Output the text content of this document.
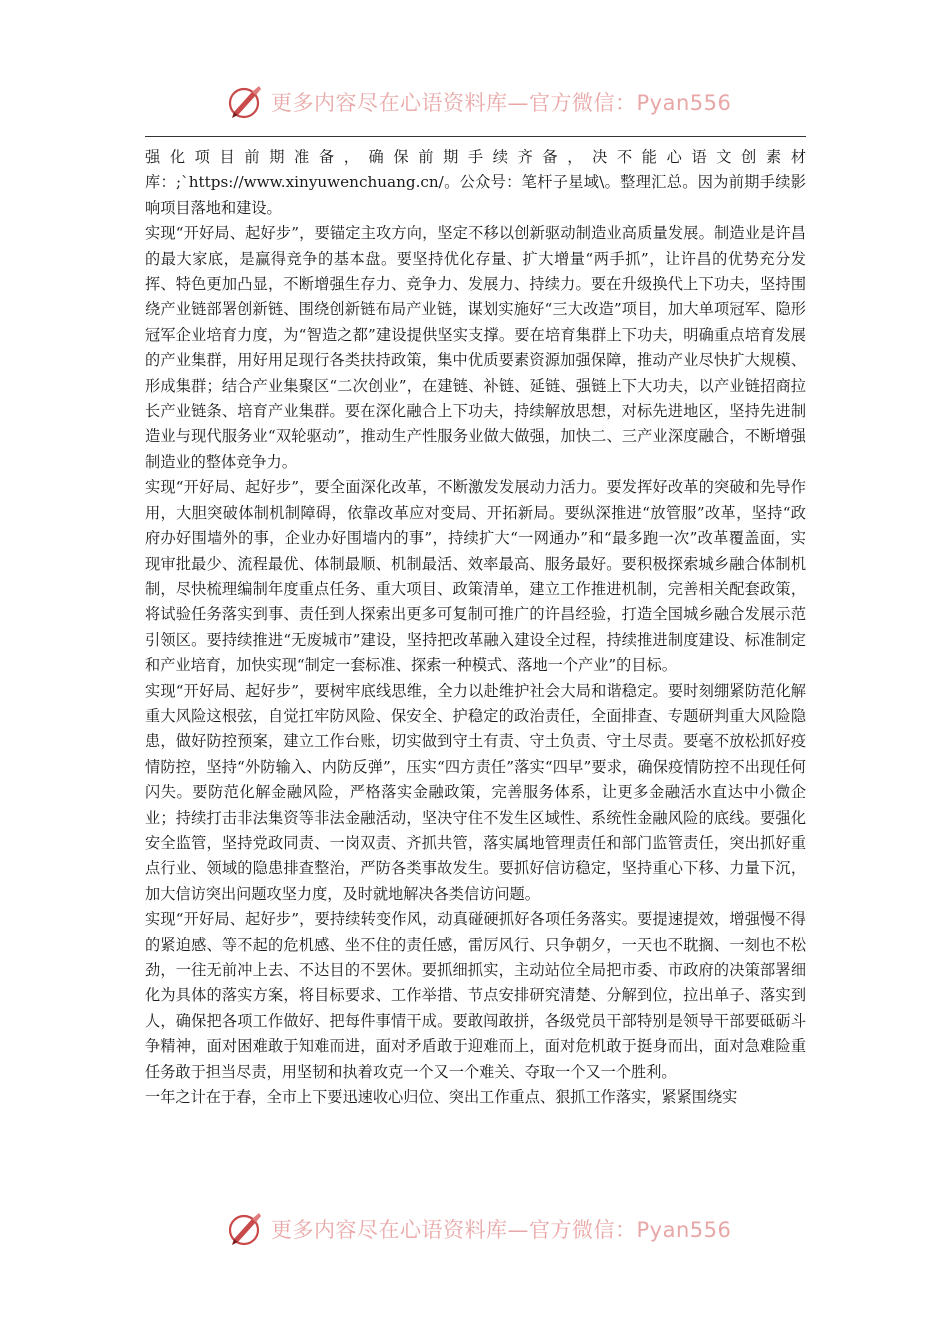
更多内容尽在心语资料库—官方微信：Pyan556

强化项目前期准备，确保前期手续齐备，决不能心语文创素材库：;`https://www.xinyuwenchuang.cn/。公众号：笔杆子星域\。整理汇总。因为前期手续影响项目落地和建设。

实现“开好局、起好步”，要锚定主攻方向，坚定不移以创新驱动制造业高质量发展。制造业是许昌的最大家底，是赢得竞争的基本盘。要坚持优化存量、扩大增量“两手抓”，让许昌的优势充分发挥、特色更加凸显，不断增强生存力、竞争力、发展力、持续力。要在升级换代上下功夫，坚持围绕产业链部署创新链、围绕创新链布局产业链，谋划实施好“三大改造”项目，加大单项冠军、隐形冠军企业培育力度，为“智造之都”建设提供坚实支撑。要在培育集群上下功夫，明确重点培育发展的产业集群，用好用足现行各类扶持政策，集中优质要素资源加强保障，推动产业尽快扩大规模、形成集群；结合产业集聚区“二次创业”，在建链、补链、延链、强链上下大功夫，以产业链招商拉长产业链条、培育产业集群。要在深化融合上下功夫，持续解放思想，对标先进地区，坚持先进制造业与现代服务业“双轮驱动”，推动生产性服务业做大做强，加快二、三产业深度融合，不断增强制造业的整体竞争力。

实现“开好局、起好步”，要全面深化改革，不断激发发展动力活力。要发挥好改革的突破和先导作用，大胆突破体制机制障碍，依靠改革应对变局、开拓新局。要纵深推进“放管服”改革，坚持“政府办好围墙外的事，企业办好围墙内的事”，持续扩大“一网通办”和“最多跑一次”改革覆盖面，实现审批最少、流程最优、体制最顺、机制最活、效率最高、服务最好。要积极探索城乡融合体制机制，尽快梳理编制年度重点任务、重大项目、政策清单，建立工作推进机制，完善相关配套政策，将试验任务落实到事、责任到人探索出更多可复制可推广的许昌经验，打造全国城乡融合发展示范引领区。要持续推进“无废城市”建设，坚持把改革融入建设全过程，持续推进制度建设、标准制定和产业培育，加快实现“制定一套标准、探索一种模式、落地一个产业”的目标。

实现“开好局、起好步”，要树牢底线思维，全力以赴维护社会大局和谐稳定。要时刻绷紧防范化解重大风险这根弦，自觉扛牢防风险、保安全、护稳定的政治责任，全面排查、专题研判重大风险隐患，做好防控预案，建立工作台账，切实做到守土有责、守土负责、守土尽责。要毫不放松抓好疫情防控，坚持“外防输入、内防反弹”，压实“四方责任”落实“四早”要求，确保疫情防控不出现任何闪失。要防范化解金融风险，严格落实金融政策，完善服务体系，让更多金融活水直达中小微企业；持续打击非法集资等非法金融活动，坚决守住不发生区域性、系统性金融风险的底线。要强化安全监管，坚持党政同责、一岗双责、齐抓共管，落实属地管理责任和部门监管责任，突出抓好重点行业、领域的隐患排查整治，严防各类事故发生。要抓好信访稳定，坚持重心下移、力量下沉，加大信访突出问题攻坚力度，及时就地解决各类信访问题。

实现“开好局、起好步”，要持续转变作风，动真碰硬抓好各项任务落实。要提速提效，增强慢不得的紧迫感、等不起的危机感、坐不住的责任感，雷厉风行、只争朝夕，一天也不耽搁、一刻也不松劲，一往无前冲上去、不达目的不罢休。要抓细抓实，主动站位全局把市委、市政府的决策部署细化为具体的落实方案，将目标要求、工作举措、节点安排研究清楚、分解到位，拉出单子、落实到人，确保把各项工作做好、把每件事情干成。要敢闯敢拼，各级党员干部特别是领导干部要砥砺斗争精神，面对困难敢于知难而进，面对矛盾敢于迎难而上，面对危机敢于挺身而出，面对急难险重任务敢于担当尽责，用坚韧和执着攻克一个又一个难关、夺取一个又一个胜利。

一年之计在于春，全市上下要迅速收心归位、突出工作重点、狠抓工作落实，紧紧围绕实

更多内容尽在心语资料库—官方微信：Pyan556
